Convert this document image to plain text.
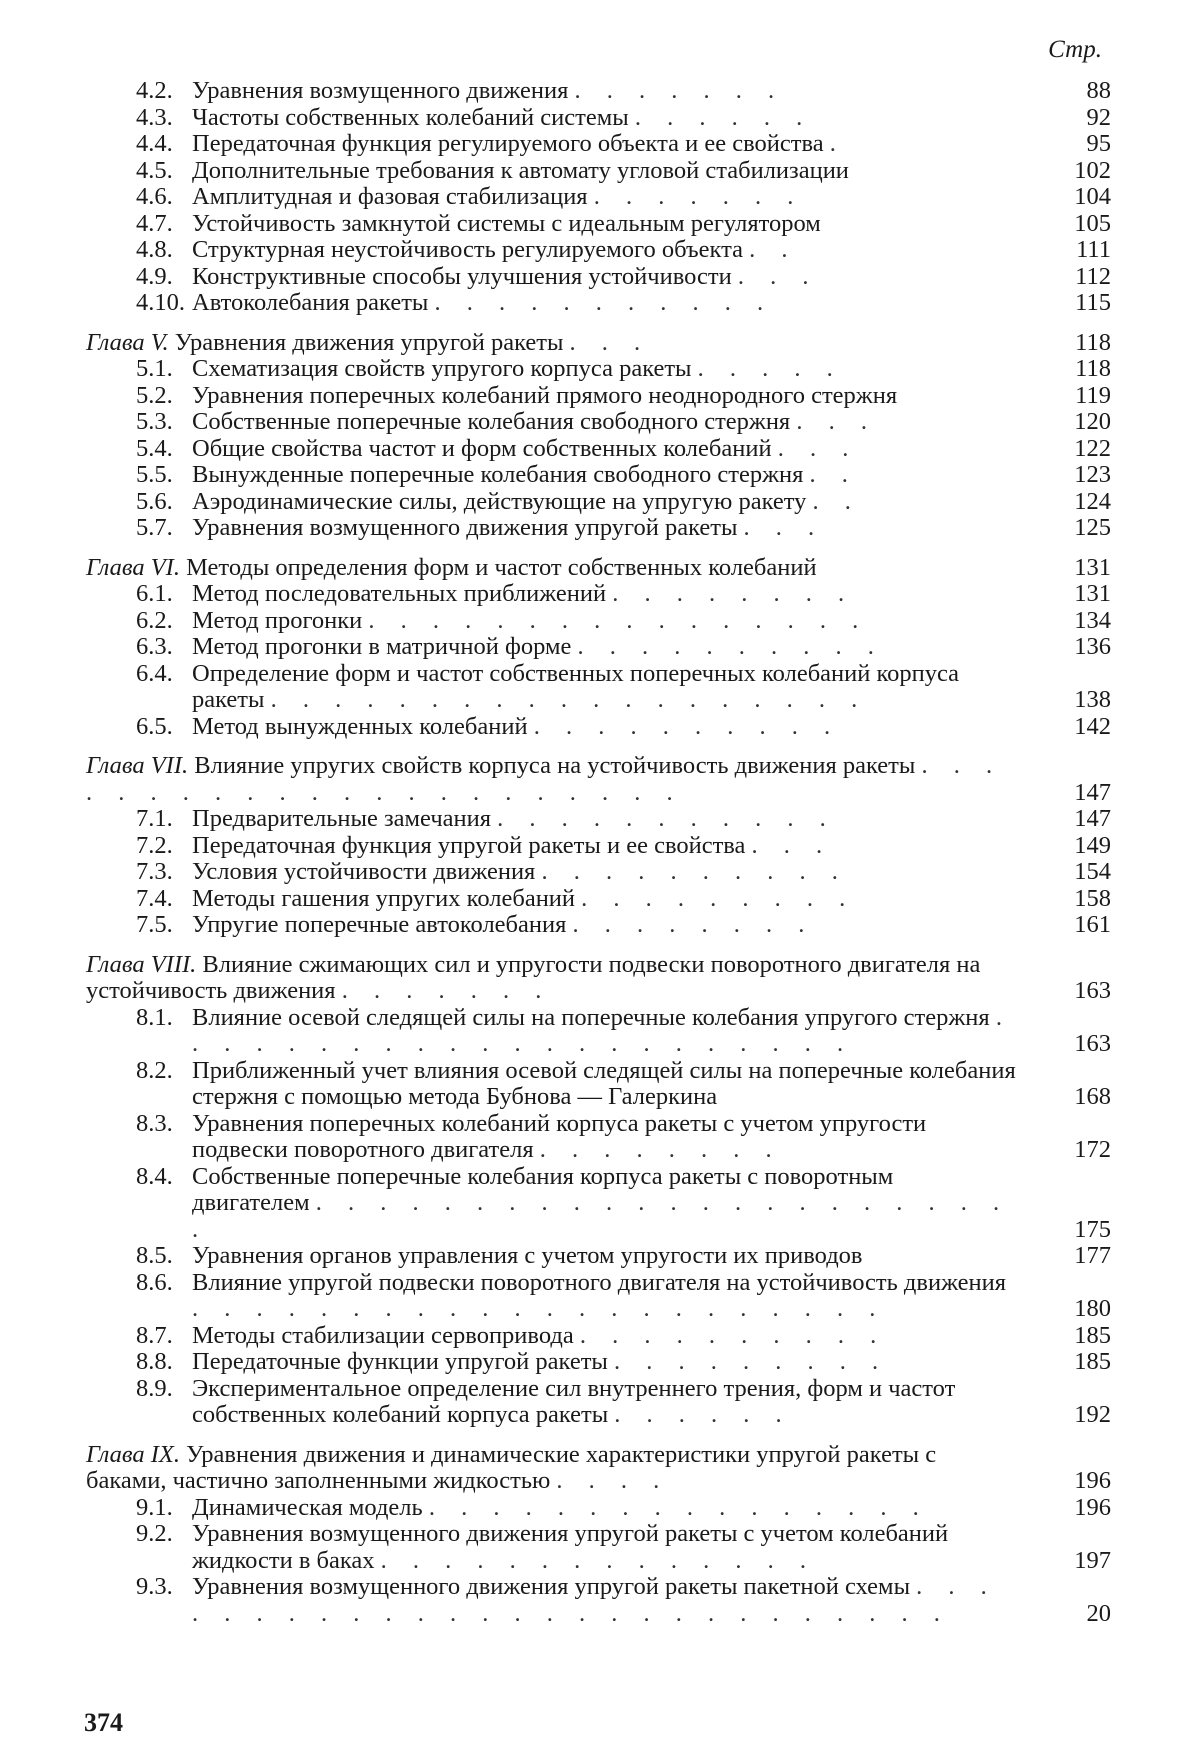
Стр.
4.2. Уравнения возмущенного движения . . . . . . .	88
4.3. Частоты собственных колебаний системы . . . . . .	92
4.4. Передаточная функция регулируемого объекта и ее свойства .	95
4.5. Дополнительные требования к автомату угловой стабилизации	102
4.6. Амплитудная и фазовая стабилизация . . . . . . .	104
4.7. Устойчивость замкнутой системы с идеальным регулятором	105
4.8. Структурная неустойчивость регулируемого объекта . .	111
4.9. Конструктивные способы улучшения устойчивости . . .	112
4.10. Автоколебания ракеты . . . . . . . . . . .	115
Глава V. Уравнения движения упругой ракеты . . .	118
5.1. Схематизация свойств упругого корпуса ракеты . . . . .	118
5.2. Уравнения поперечных колебаний прямого неоднородного стержня	119
5.3. Собственные поперечные колебания свободного стержня . . .	120
5.4. Общие свойства частот и форм собственных колебаний . . .	122
5.5. Вынужденные поперечные колебания свободного стержня . .	123
5.6. Аэродинамические силы, действующие на упругую ракету . .	124
5.7. Уравнения возмущенного движения упругой ракеты . . .	125
Глава VI. Методы определения форм и частот собственных колебаний	131
6.1. Метод последовательных приближений . . . . . . . .	131
6.2. Метод прогонки . . . . . . . . . . . . . . . .	134
6.3. Метод прогонки в матричной форме . . . . . . . . . .	136
6.4. Определение форм и частот собственных поперечных колебаний корпуса ракеты . . . . . . . . . . . . . . . . . . .	138
6.5. Метод вынужденных колебаний . . . . . . . . . .	142
Глава VII. Влияние упругих свойств корпуса на устойчивость движения ракеты . . . . . . . . . . . . . . . . . . . . . .	147
7.1. Предварительные замечания . . . . . . . . . . .	147
7.2. Передаточная функция упругой ракеты и ее свойства . . .	149
7.3. Условия устойчивости движения . . . . . . . . . .	154
7.4. Методы гашения упругих колебаний . . . . . . . . .	158
7.5. Упругие поперечные автоколебания . . . . . . . .	161
Глава VIII. Влияние сжимающих сил и упругости подвески поворотного двигателя на устойчивость движения . . . . . . .	163
8.1. Влияние осевой следящей силы на поперечные колебания упругого стержня . . . . . . . . . . . . . . . . . . . . . .	163
8.2. Приближенный учет влияния осевой следящей силы на поперечные колебания стержня с помощью метода Бубнова — Галеркина	168
8.3. Уравнения поперечных колебаний корпуса ракеты с учетом упругости подвески поворотного двигателя . . . . . . . .	172
8.4. Собственные поперечные колебания корпуса ракеты с поворотным двигателем . . . . . . . . . . . . . . . . . . . . . . .	175
8.5. Уравнения органов управления с учетом упругости их приводов	177
8.6. Влияние упругой подвески поворотного двигателя на устойчивость движения . . . . . . . . . . . . . . . . . . . . . .	180
8.7. Методы стабилизации сервопривода . . . . . . . . . .	185
8.8. Передаточные функции упругой ракеты . . . . . . . . .	185
8.9. Экспериментальное определение сил внутреннего трения, форм и частот собственных колебаний корпуса ракеты . . . . . .	192
Глава IX. Уравнения движения и динамические характеристики упругой ракеты с баками, частично заполненными жидкостью . . . .	196
9.1. Динамическая модель . . . . . . . . . . . . . . . .	196
9.2. Уравнения возмущенного движения упругой ракеты с учетом колебаний жидкости в баках . . . . . . . . . . . . . .	197
9.3. Уравнения возмущенного движения упругой ракеты пакетной схемы . . . . . . . . . . . . . . . . . . . . . . . . . . .	20
374
